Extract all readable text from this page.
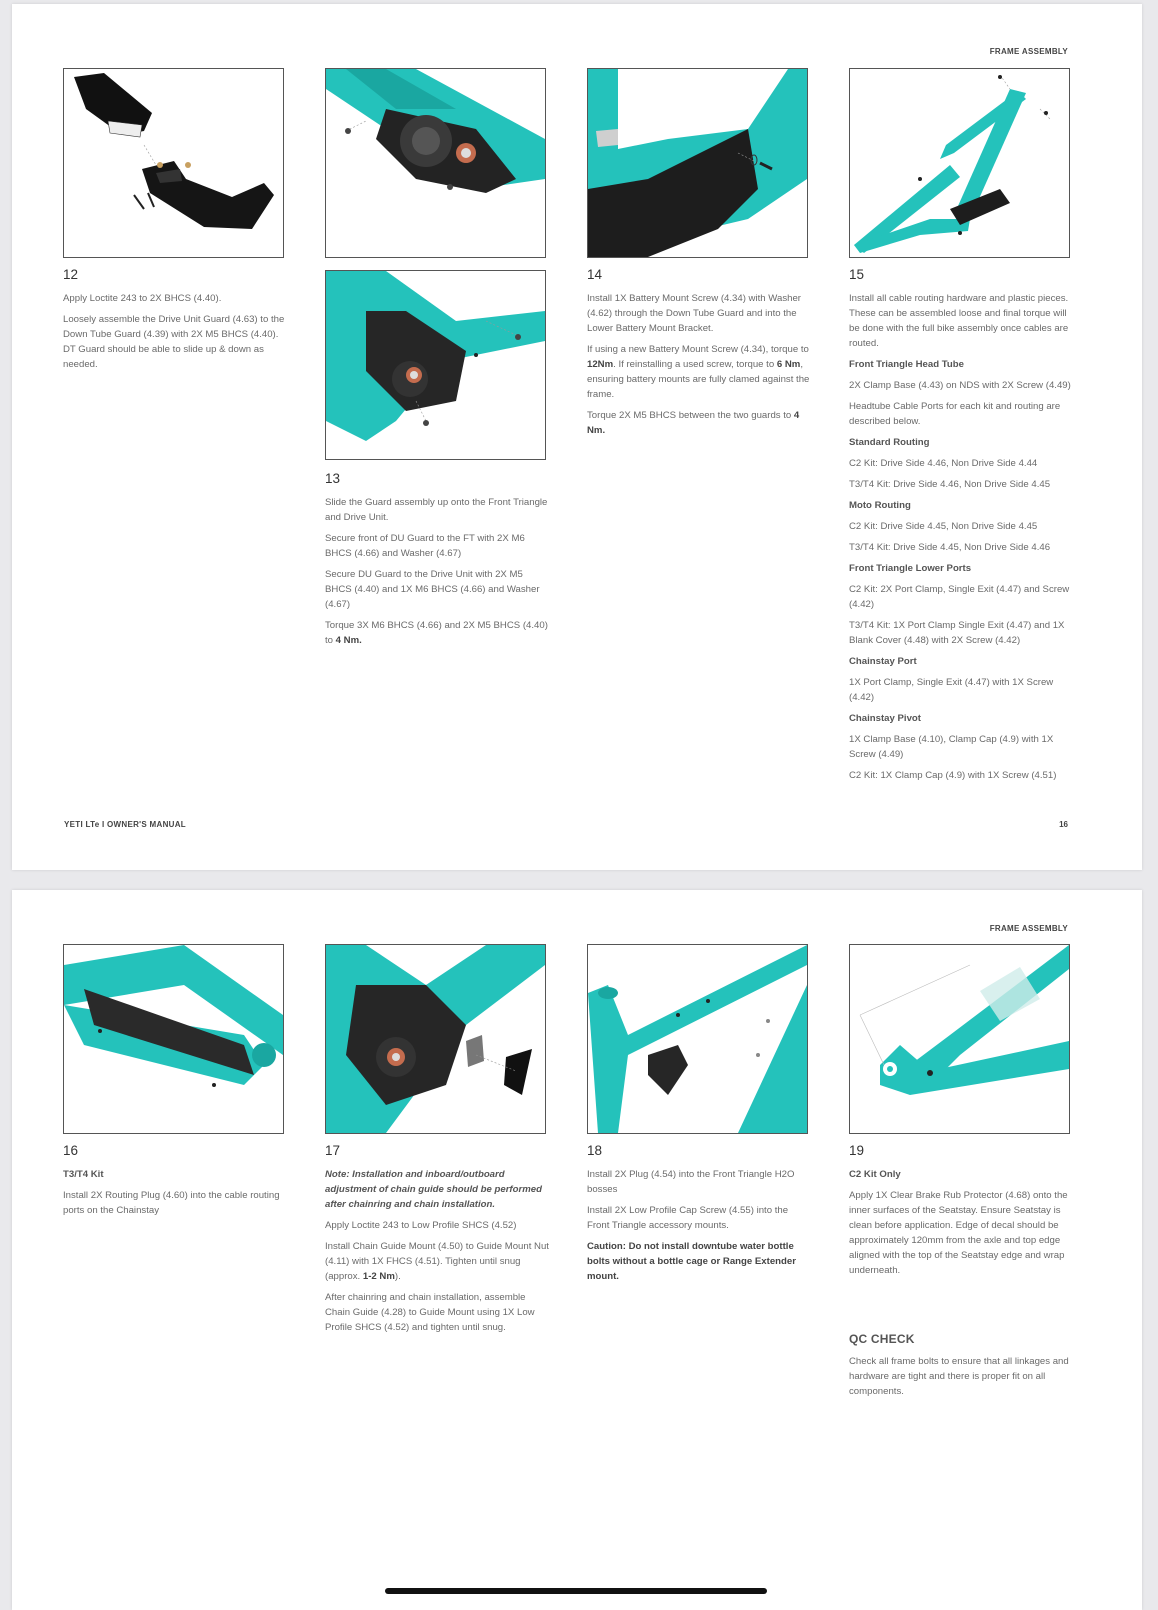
FRAME ASSEMBLY
12

Apply Loctite 243 to 2X BHCS (4.40).

Loosely assemble the Drive Unit Guard (4.63) to the Down Tube Guard (4.39) with 2X M5 BHCS (4.40). DT Guard should be able to slide up & down as needed.

14

Install 1X Battery Mount Screw (4.34) with Washer (4.62) through the Down Tube Guard and into the Lower Battery Mount Bracket.

If using a new Battery Mount Screw (4.34), torque to 12Nm. If reinstalling a used screw, torque to 6 Nm, ensuring battery mounts are fully clamed against the frame.

Torque 2X M5 BHCS between the two guards to 4 Nm.

15

Install all cable routing hardware and plastic pieces. These can be assembled loose and final torque will be done with the full bike assembly once cables are routed.

Front Triangle Head Tube

2X Clamp Base (4.43) on NDS with 2X Screw (4.49)

Headtube Cable Ports for each kit and routing are described below.

Standard Routing

C2 Kit: Drive Side 4.46, Non Drive Side 4.44

T3/T4 Kit: Drive Side 4.46, Non Drive Side 4.45

Moto Routing

C2 Kit: Drive Side 4.45, Non Drive Side 4.45

T3/T4 Kit: Drive Side 4.45, Non Drive Side 4.46

Front Triangle Lower Ports

C2 Kit: 2X Port Clamp, Single Exit (4.47) and Screw (4.42)

T3/T4 Kit: 1X Port Clamp Single Exit (4.47) and 1X Blank Cover (4.48) with 2X Screw (4.42)

Chainstay Port

1X Port Clamp, Single Exit (4.47) with 1X Screw (4.42)

Chainstay Pivot

1X Clamp Base (4.10), Clamp Cap (4.9) with 1X Screw (4.49)

C2 Kit: 1X Clamp Cap (4.9) with 1X Screw (4.51)

13

Slide the Guard assembly up onto the Front Triangle and Drive Unit.

Secure front of DU Guard to the FT with 2X M6 BHCS (4.66) and Washer (4.67)

Secure DU Guard to the Drive Unit with 2X M5 BHCS (4.40) and 1X M6 BHCS (4.66) and Washer (4.67)

Torque 3X M6 BHCS (4.66) and 2X M5 BHCS (4.40) to 4 Nm.

YETI LTe I OWNER'S MANUAL	16
FRAME ASSEMBLY
16

T3/T4 Kit

Install 2X Routing Plug (4.60) into the cable routing ports on the Chainstay

17

Note: Installation and inboard/outboard adjustment of chain guide should be performed after chainring and chain installation.

Apply Loctite 243 to Low Profile SHCS (4.52)

Install Chain Guide Mount (4.50) to Guide Mount Nut (4.11) with 1X FHCS (4.51). Tighten until snug (approx. 1-2 Nm).

After chainring and chain installation, assemble Chain Guide (4.28) to Guide Mount using 1X Low Profile SHCS (4.52) and tighten until snug.

18

Install 2X Plug (4.54) into the Front Triangle H2O bosses

Install 2X Low Profile Cap Screw (4.55) into the Front Triangle accessory mounts.

Caution: Do not install downtube water bottle bolts without a bottle cage or Range Extender mount.

19

C2 Kit Only

Apply 1X Clear Brake Rub Protector (4.68) onto the inner surfaces of the Seatstay. Ensure Seatstay is clean before application. Edge of decal should be approximately 120mm from the axle and top edge aligned with the top of the Seatstay edge and wrap underneath.

QC CHECK

Check all frame bolts to ensure that all linkages and hardware are tight and there is proper fit on all components.
